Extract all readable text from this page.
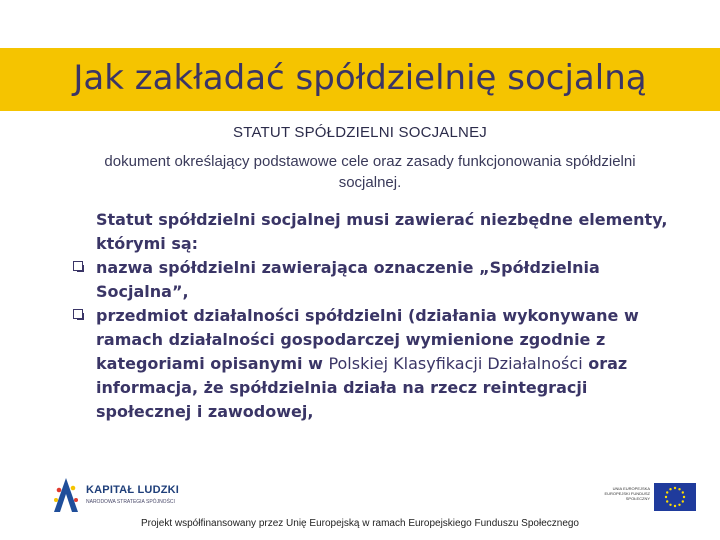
Jak zakładać spółdzielnię socjalną
STATUT SPÓŁDZIELNI SOCJALNEJ
dokument określający podstawowe cele oraz zasady funkcjonowania spółdzielni socjalnej.

Statut spółdzielni socjalnej musi zawierać niezbędne elementy, którymi są:

nazwa spółdzielni zawierająca oznaczenie „Spółdzielnia Socjalna”,

przedmiot działalności spółdzielni (działania wykonywane w ramach działalności gospodarczej wymienione zgodnie z kategoriami opisanymi w Polskiej Klasyfikacji Działalności oraz informacja, że spółdzielnia działa na rzecz reintegracji społecznej i zawodowej,

KAPITAŁ LUDZKI
NARODOWA STRATEGIA SPÓJNOŚCI
UNIA EUROPEJSKA EUROPEJSKI FUNDUSZ SPOŁECZNY
Projekt współfinansowany przez Unię Europejską w ramach Europejskiego Funduszu Społecznego
